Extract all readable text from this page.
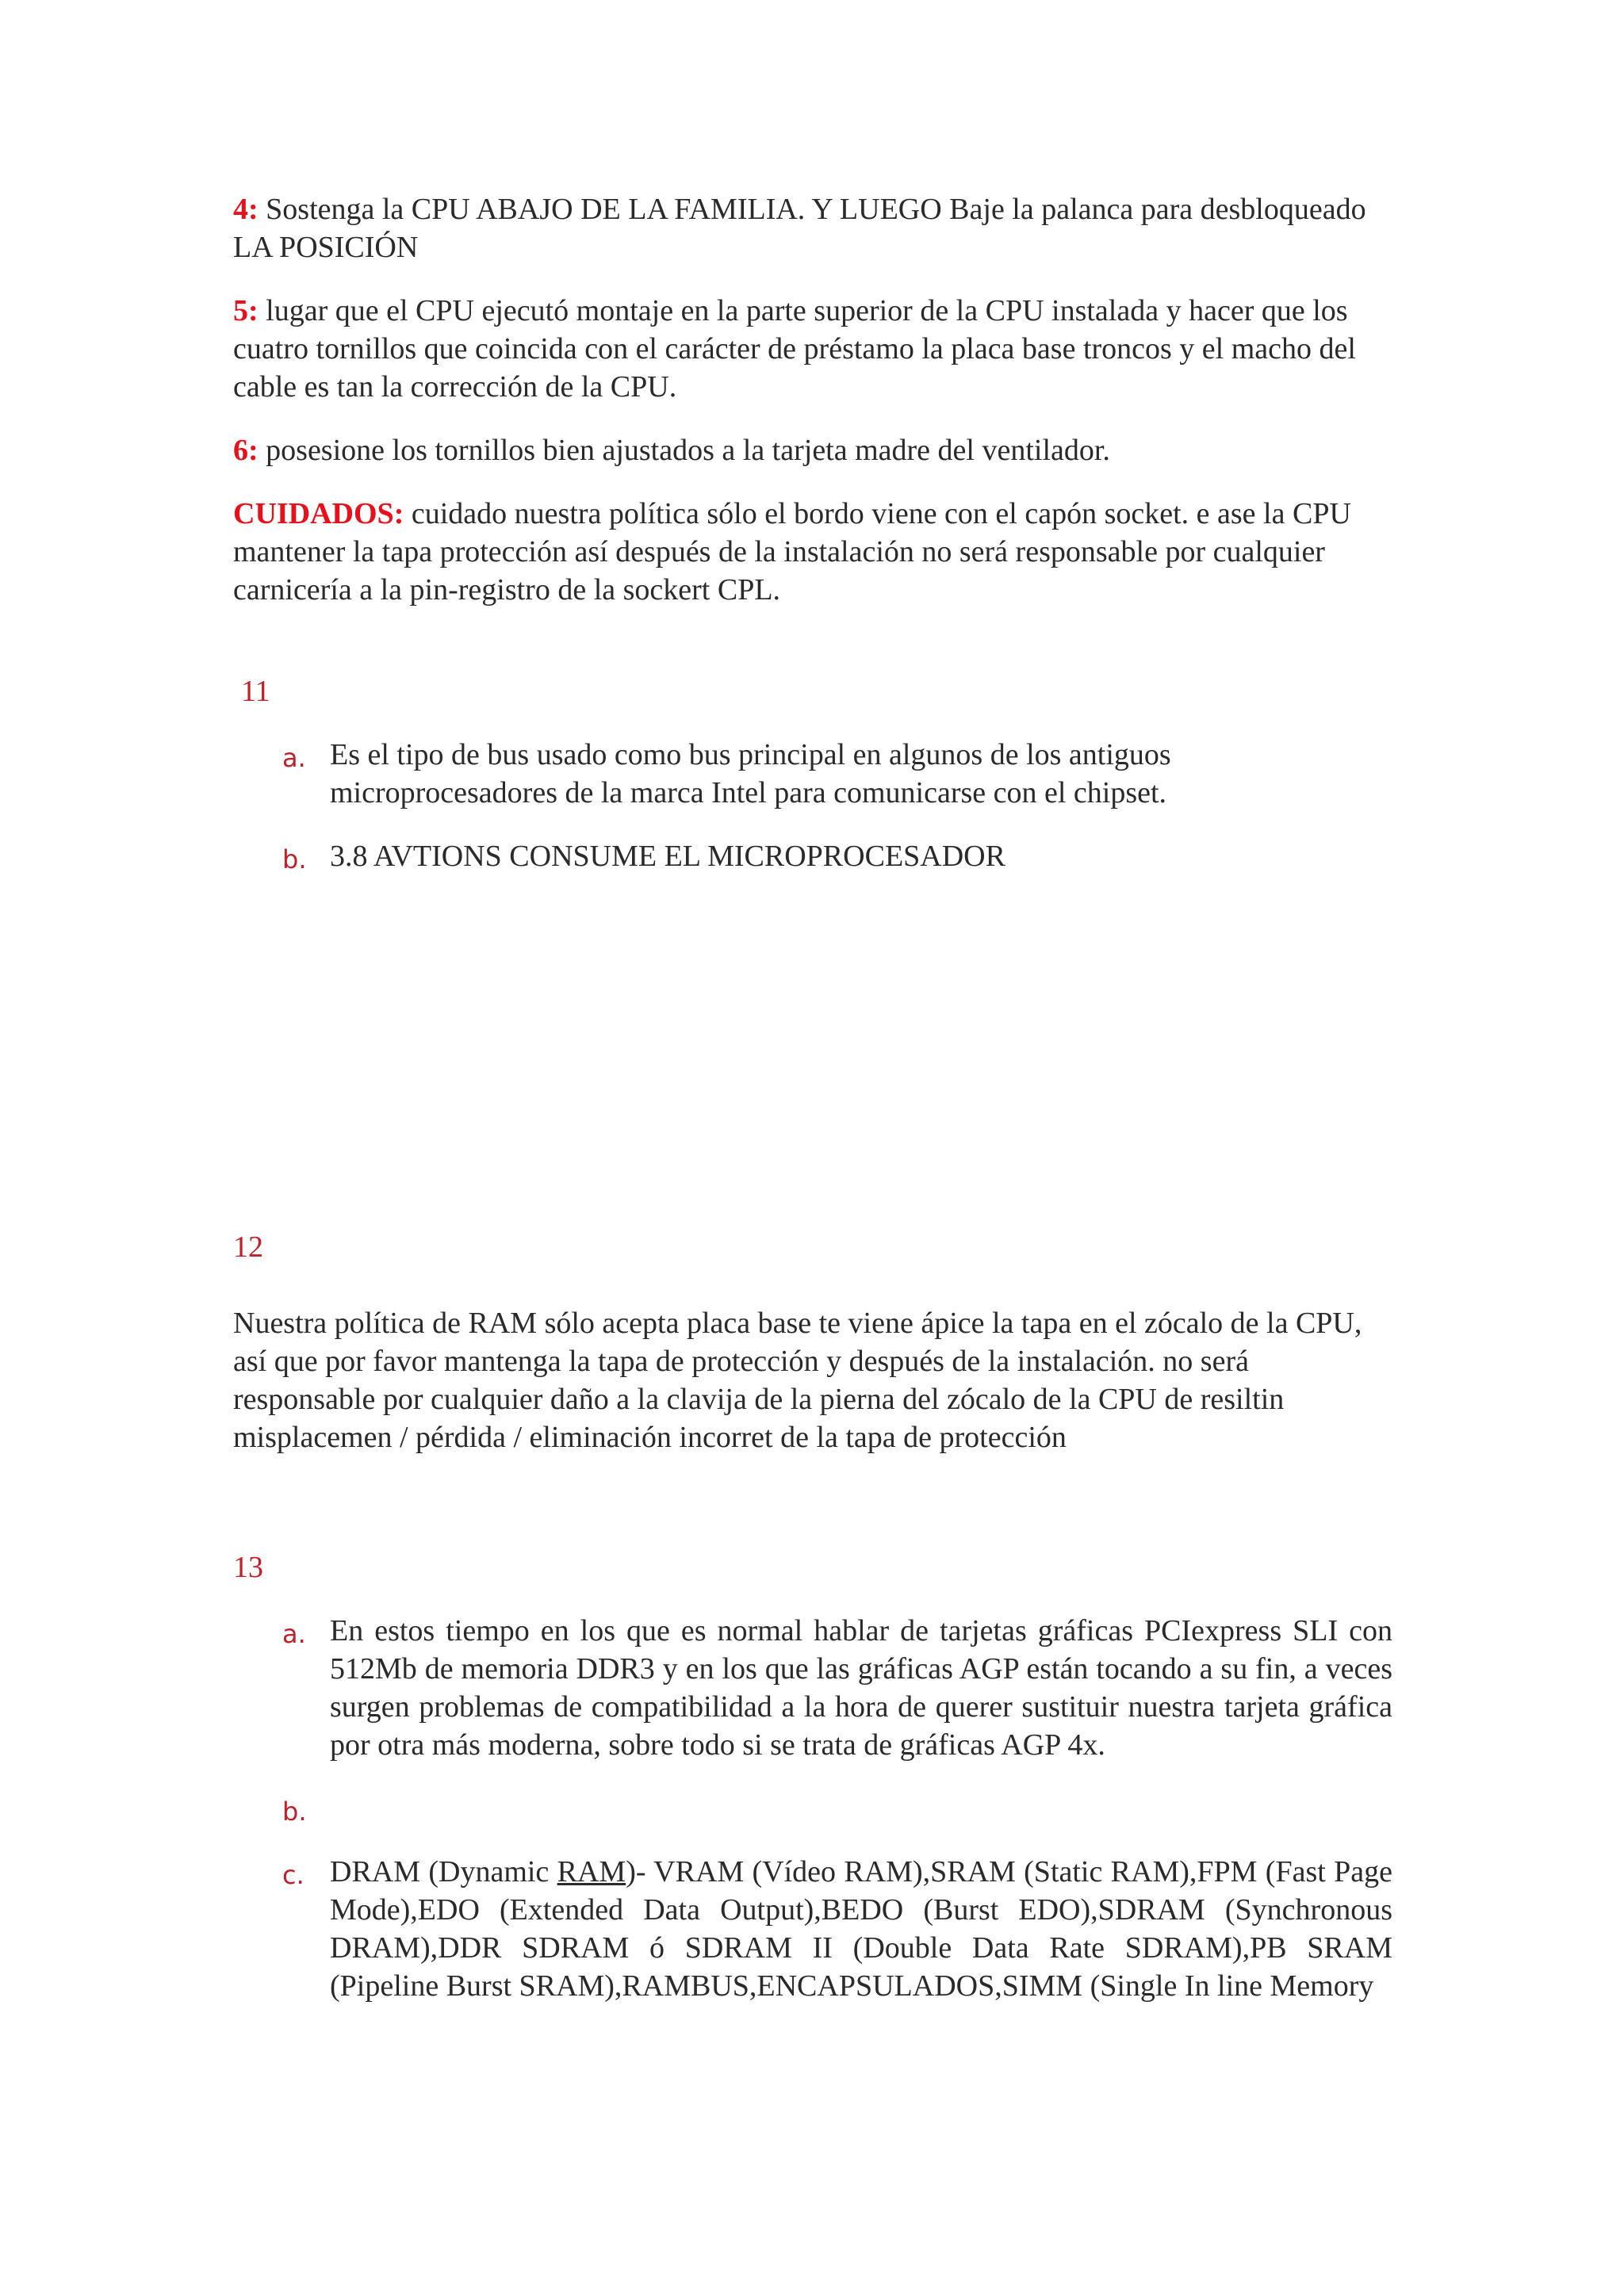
4: Sostenga la CPU ABAJO DE LA FAMILIA. Y LUEGO Baje la palanca para desbloqueado LA POSICIÓN

5: lugar que el CPU ejecutó montaje en la parte superior de la CPU instalada y hacer que los cuatro tornillos que coincida con el carácter de préstamo la placa base troncos y el macho del cable es tan la corrección de la CPU.

6: posesione los tornillos bien ajustados a la tarjeta madre del ventilador.

CUIDADOS: cuidado nuestra política sólo el bordo viene con el capón socket. e ase la CPU mantener la tapa protección así después de la instalación no será responsable por cualquier carnicería a la pin-registro de la sockert CPL.

11
a. Es el tipo de bus usado como bus principal en algunos de los antiguos microprocesadores de la marca Intel para comunicarse con el chipset.
b. 3.8 AVTIONS CONSUME EL MICROPROCESADOR
12

Nuestra política de RAM sólo acepta placa base te viene ápice la tapa en el zócalo de la CPU, así que por favor mantenga la tapa de protección y después de la instalación. no será responsable por cualquier daño a la clavija de la pierna del zócalo de la CPU de resiltin misplacemen / pérdida / eliminación incorret de la tapa de protección

13
a. En estos tiempo en los que es normal hablar de tarjetas gráficas PCIexpress SLI con 512Mb de memoria DDR3 y en los que las gráficas AGP están tocando a su fin, a veces surgen problemas de compatibilidad a la hora de querer sustituir nuestra tarjeta gráfica por otra más moderna, sobre todo si se trata de gráficas AGP 4x.
b.
c. DRAM (Dynamic RAM)- VRAM (Vídeo RAM),SRAM (Static RAM),FPM (Fast Page Mode),EDO (Extended Data Output),BEDO (Burst EDO),SDRAM (Synchronous DRAM),DDR SDRAM ó SDRAM II (Double Data Rate SDRAM),PB SRAM (Pipeline Burst SRAM),RAMBUS,ENCAPSULADOS,SIMM (Single In line Memory
